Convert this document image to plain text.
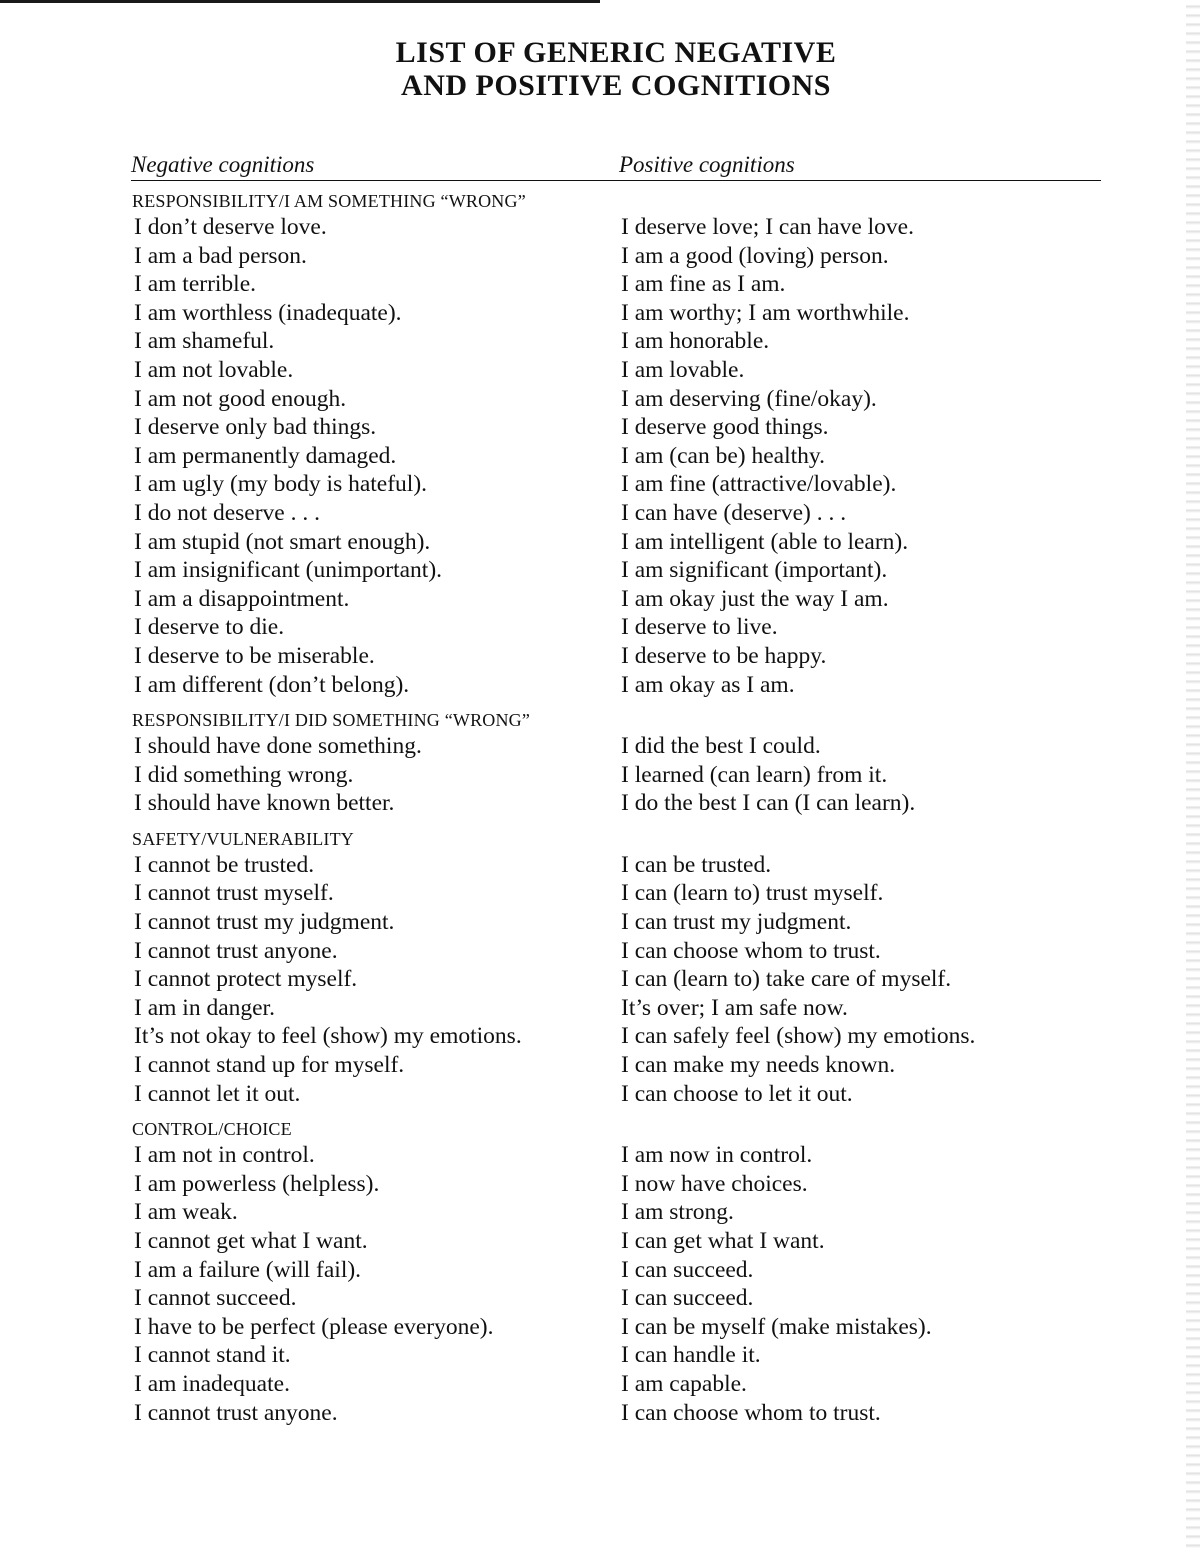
LIST OF GENERIC NEGATIVE
AND POSITIVE COGNITIONS
Negative cognitions	Positive cognitions
RESPONSIBILITY/I AM SOMETHING “WRONG”
I don’t deserve love.	I deserve love; I can have love.
I am a bad person.	I am a good (loving) person.
I am terrible.	I am fine as I am.
I am worthless (inadequate).	I am worthy; I am worthwhile.
I am shameful.	I am honorable.
I am not lovable.	I am lovable.
I am not good enough.	I am deserving (fine/okay).
I deserve only bad things.	I deserve good things.
I am permanently damaged.	I am (can be) healthy.
I am ugly (my body is hateful).	I am fine (attractive/lovable).
I do not deserve . . .	I can have (deserve) . . .
I am stupid (not smart enough).	I am intelligent (able to learn).
I am insignificant (unimportant).	I am significant (important).
I am a disappointment.	I am okay just the way I am.
I deserve to die.	I deserve to live.
I deserve to be miserable.	I deserve to be happy.
I am different (don’t belong).	I am okay as I am.
RESPONSIBILITY/I DID SOMETHING “WRONG”
I should have done something.	I did the best I could.
I did something wrong.	I learned (can learn) from it.
I should have known better.	I do the best I can (I can learn).
SAFETY/VULNERABILITY
I cannot be trusted.	I can be trusted.
I cannot trust myself.	I can (learn to) trust myself.
I cannot trust my judgment.	I can trust my judgment.
I cannot trust anyone.	I can choose whom to trust.
I cannot protect myself.	I can (learn to) take care of myself.
I am in danger.	It’s over; I am safe now.
It’s not okay to feel (show) my emotions.	I can safely feel (show) my emotions.
I cannot stand up for myself.	I can make my needs known.
I cannot let it out.	I can choose to let it out.
CONTROL/CHOICE
I am not in control.	I am now in control.
I am powerless (helpless).	I now have choices.
I am weak.	I am strong.
I cannot get what I want.	I can get what I want.
I am a failure (will fail).	I can succeed.
I cannot succeed.	I can succeed.
I have to be perfect (please everyone).	I can be myself (make mistakes).
I cannot stand it.	I can handle it.
I am inadequate.	I am capable.
I cannot trust anyone.	I can choose whom to trust.
